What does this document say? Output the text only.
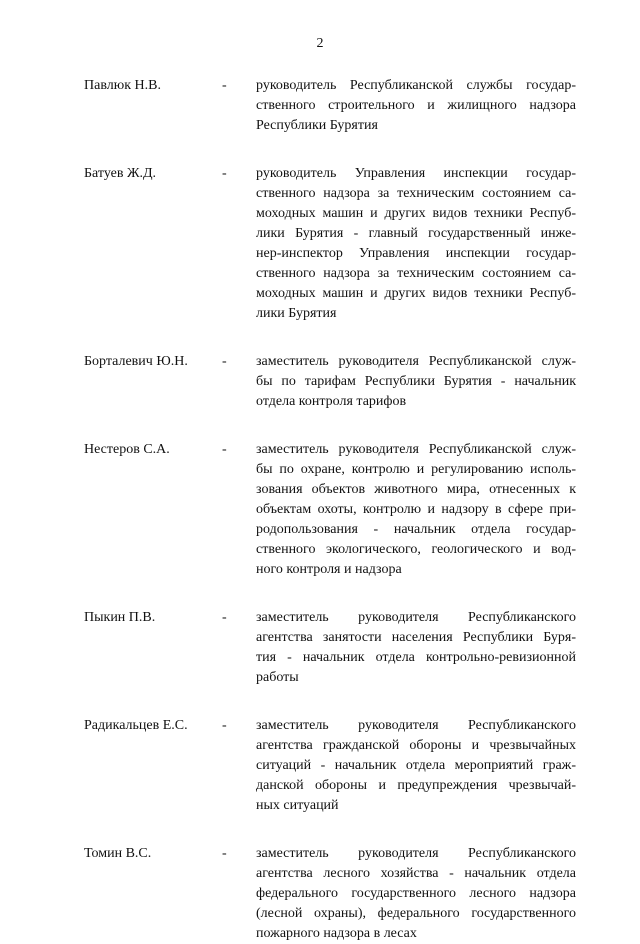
2
Павлюк Н.В.	-	руководитель Республиканской службы государ-
ственного строительного и жилищного надзора
Республики Бурятия
Батуев Ж.Д.	-	руководитель Управления инспекции государ-
ственного надзора за техническим состоянием са-
моходных машин и других видов техники Респуб-
лики Бурятия - главный государственный инже-
нер-инспектор Управления инспекции государ-
ственного надзора за техническим состоянием са-
моходных машин и других видов техники Респуб-
лики Бурятия
Борталевич Ю.Н.	-	заместитель руководителя Республиканской служ-
бы по тарифам Республики Бурятия - начальник
отдела контроля тарифов
Нестеров С.А.	-	заместитель руководителя Республиканской служ-
бы по охране, контролю и регулированию исполь-
зования объектов животного мира, отнесенных к
объектам охоты, контролю и надзору в сфере при-
родопользования - начальник отдела государ-
ственного экологического, геологического и вод-
ного контроля и надзора
Пыкин П.В.	-	заместитель руководителя Республиканского
агентства занятости населения Республики Буря-
тия - начальник отдела контрольно-ревизионной
работы
Радикальцев Е.С.	-	заместитель руководителя Республиканского
агентства гражданской обороны и чрезвычайных
ситуаций - начальник отдела мероприятий граж-
данской обороны и предупреждения чрезвычай-
ных ситуаций
Томин В.С.	-	заместитель руководителя Республиканского
агентства лесного хозяйства - начальник отдела
федерального государственного лесного надзора
(лесной охраны), федерального государственного
пожарного надзора в лесах
